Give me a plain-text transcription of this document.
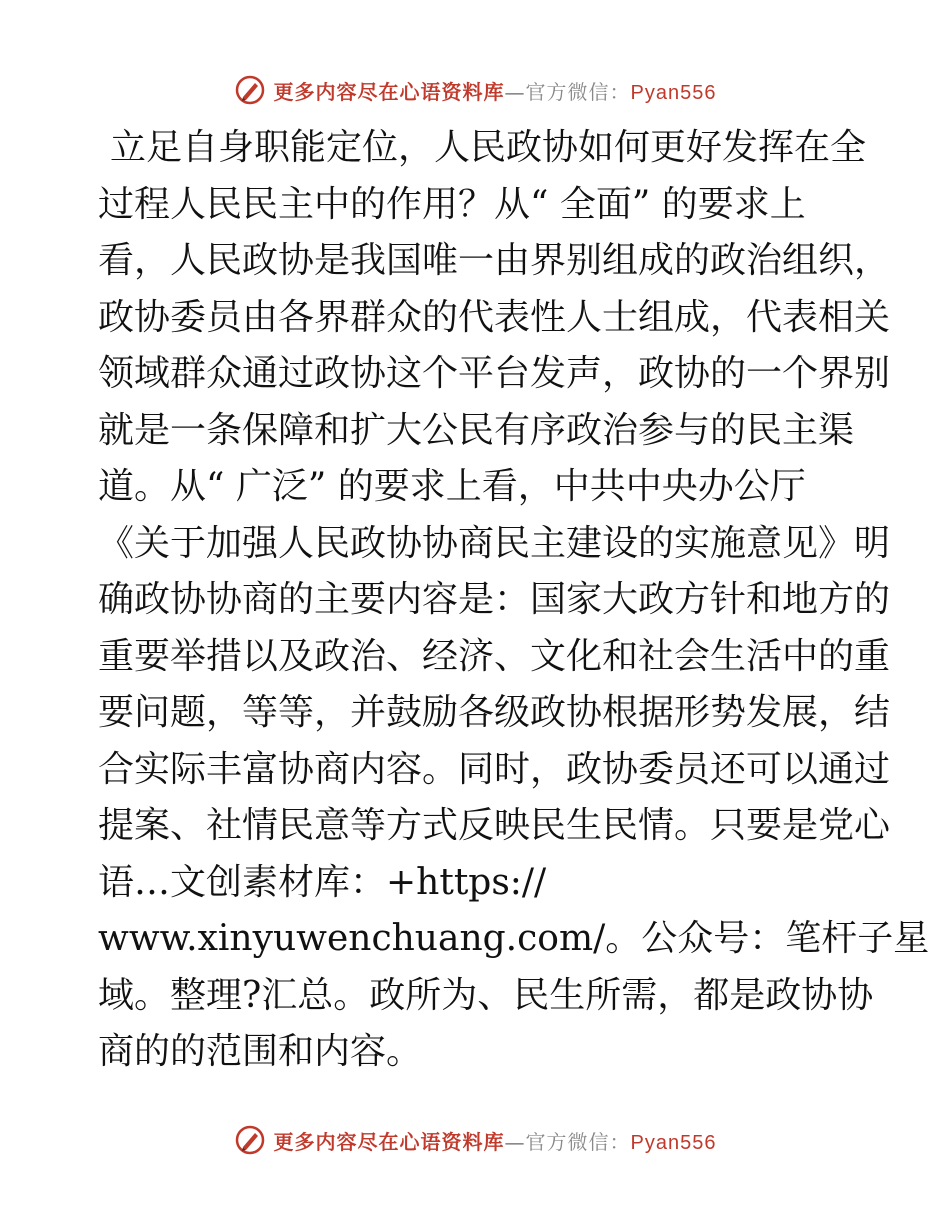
更多内容尽在心语资料库—官方微信：Pyan556
立足自身职能定位，人民政协如何更好发挥在全
过程人民民主中的作用？从“ 全面” 的要求上
看，人民政协是我国唯一由界别组成的政治组织，
政协委员由各界群众的代表性人士组成，代表相关
领域群众通过政协这个平台发声，政协的一个界别
就是一条保障和扩大公民有序政治参与的民主渠
道。从“ 广泛” 的要求上看，中共中央办公厅
《关于加强人民政协协商民主建设的实施意见》明
确政协协商的主要内容是：国家大政方针和地方的
重要举措以及政治、经济、文化和社会生活中的重
要问题，等等，并鼓励各级政协根据形势发展，结
合实际丰富协商内容。同时，政协委员还可以通过
提案、社情民意等方式反映民生民情。只要是党心
语…文创素材库：+https://
www.xinyuwenchuang.com/。公众号：笔杆子星
域。整理?汇总。政所为、民生所需，都是政协协
商的的范围和内容。
更多内容尽在心语资料库—官方微信：Pyan556
